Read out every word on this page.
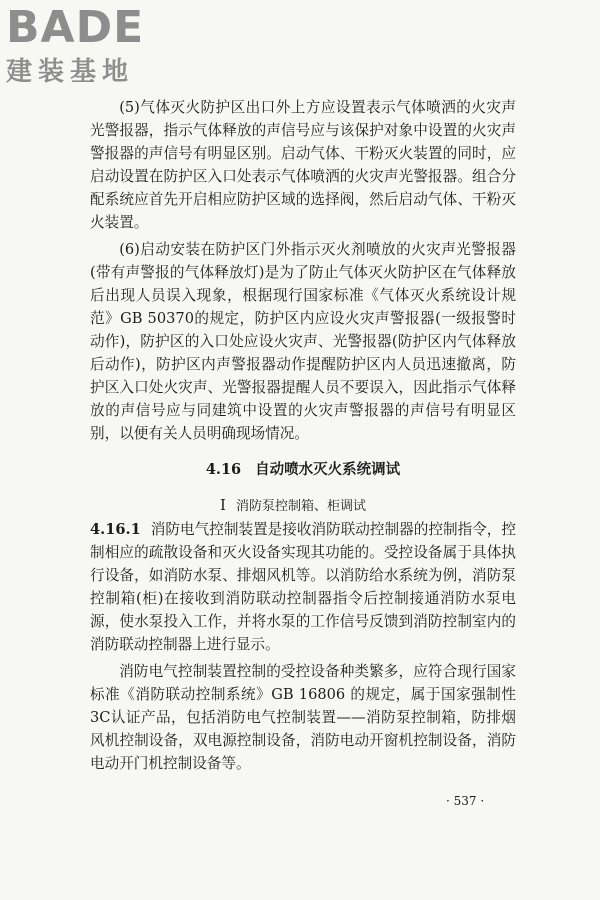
BADE
建装基地

(5)气体灭火防护区出口外上方应设置表示气体喷洒的火灾声光警报器，指示气体释放的声信号应与该保护对象中设置的火灾声警报器的声信号有明显区别。启动气体、干粉灭火装置的同时，应启动设置在防护区入口处表示气体喷洒的火灾声光警报器。组合分配系统应首先开启相应防护区域的选择阀，然后启动气体、干粉灭火装置。

(6)启动安装在防护区门外指示灭火剂喷放的火灾声光警报器(带有声警报的气体释放灯)是为了防止气体灭火防护区在气体释放后出现人员误入现象，根据现行国家标准《气体灭火系统设计规范》GB 50370的规定，防护区内应设火灾声警报器(一级报警时动作)，防护区的入口处应设火灾声、光警报器(防护区内气体释放后动作)，防护区内声警报器动作提醒防护区内人员迅速撤离，防护区入口处火灾声、光警报器提醒人员不要误入，因此指示气体释放的声信号应与同建筑中设置的火灾声警报器的声信号有明显区别，以便有关人员明确现场情况。

4.16 自动喷水灭火系统调试
Ⅰ 消防泵控制箱、柜调试

4.16.1 消防电气控制装置是接收消防联动控制器的控制指令，控制相应的疏散设备和灭火设备实现其功能的。受控设备属于具体执行设备，如消防水泵、排烟风机等。以消防给水系统为例，消防泵控制箱(柜)在接收到消防联动控制器指令后控制接通消防水泵电源，使水泵投入工作，并将水泵的工作信号反馈到消防控制室内的消防联动控制器上进行显示。

消防电气控制装置控制的受控设备种类繁多，应符合现行国家标准《消防联动控制系统》GB 16806 的规定，属于国家强制性3C认证产品，包括消防电气控制装置——消防泵控制箱，防排烟风机控制设备，双电源控制设备，消防电动开窗机控制设备，消防电动开门机控制设备等。

· 537 ·
